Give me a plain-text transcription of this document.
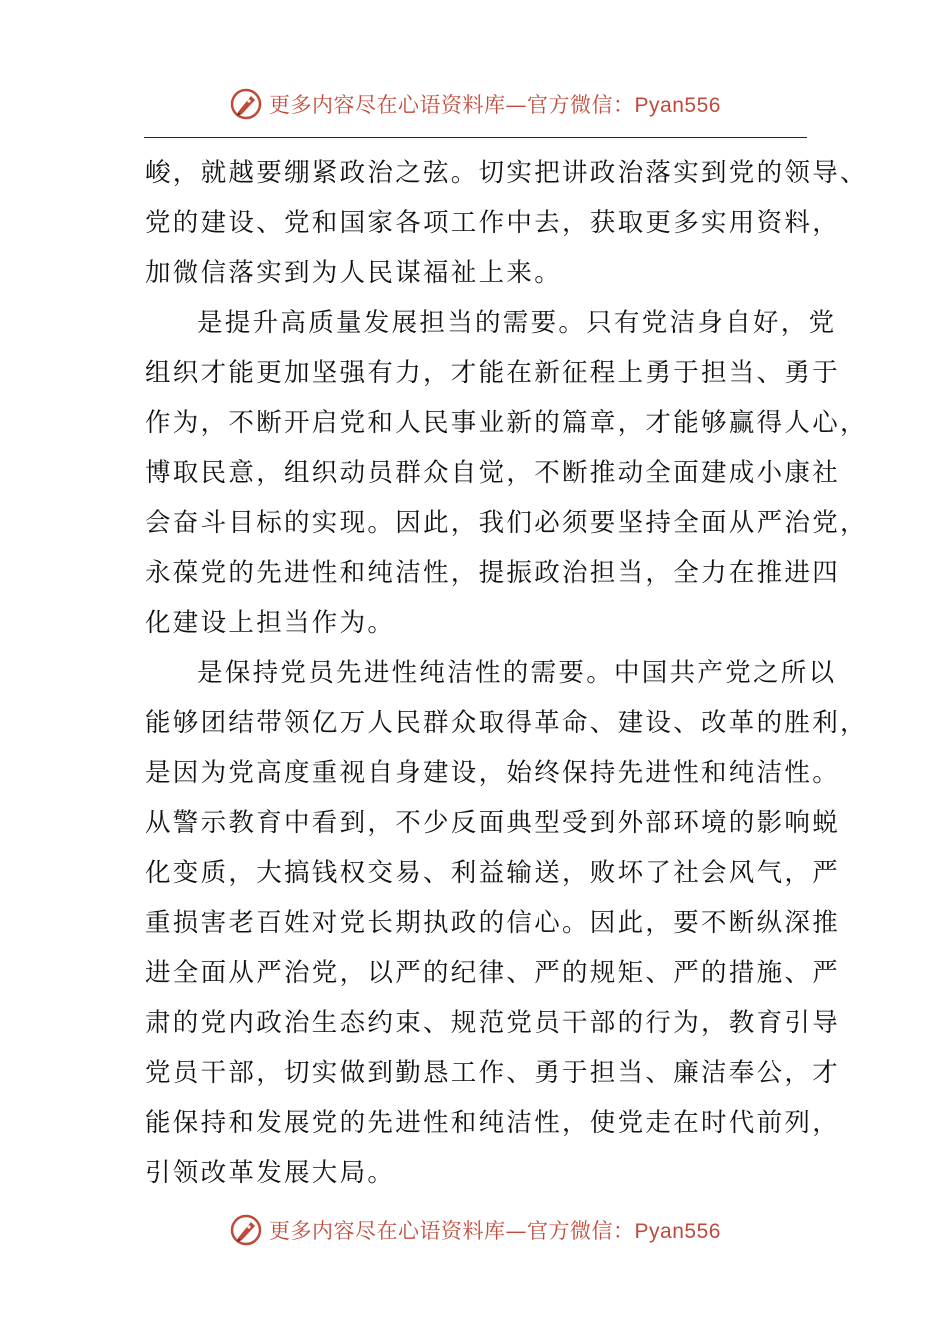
更多内容尽在心语资料库—官方微信：Pyan556
峻，就越要绷紧政治之弦。切实把讲政治落实到党的领导、
党的建设、党和国家各项工作中去，获取更多实用资料，
加微信落实到为人民谋福祉上来。
是提升高质量发展担当的需要。只有党洁身自好，党
组织才能更加坚强有力，才能在新征程上勇于担当、勇于
作为，不断开启党和人民事业新的篇章，才能够赢得人心，
博取民意，组织动员群众自觉，不断推动全面建成小康社
会奋斗目标的实现。因此，我们必须要坚持全面从严治党，
永葆党的先进性和纯洁性，提振政治担当，全力在推进四
化建设上担当作为。
是保持党员先进性纯洁性的需要。中国共产党之所以
能够团结带领亿万人民群众取得革命、建设、改革的胜利，
是因为党高度重视自身建设，始终保持先进性和纯洁性。
从警示教育中看到，不少反面典型受到外部环境的影响蜕
化变质，大搞钱权交易、利益输送，败坏了社会风气，严
重损害老百姓对党长期执政的信心。因此，要不断纵深推
进全面从严治党，以严的纪律、严的规矩、严的措施、严
肃的党内政治生态约束、规范党员干部的行为，教育引导
党员干部，切实做到勤恳工作、勇于担当、廉洁奉公，才
能保持和发展党的先进性和纯洁性，使党走在时代前列，
引领改革发展大局。
更多内容尽在心语资料库—官方微信：Pyan556
